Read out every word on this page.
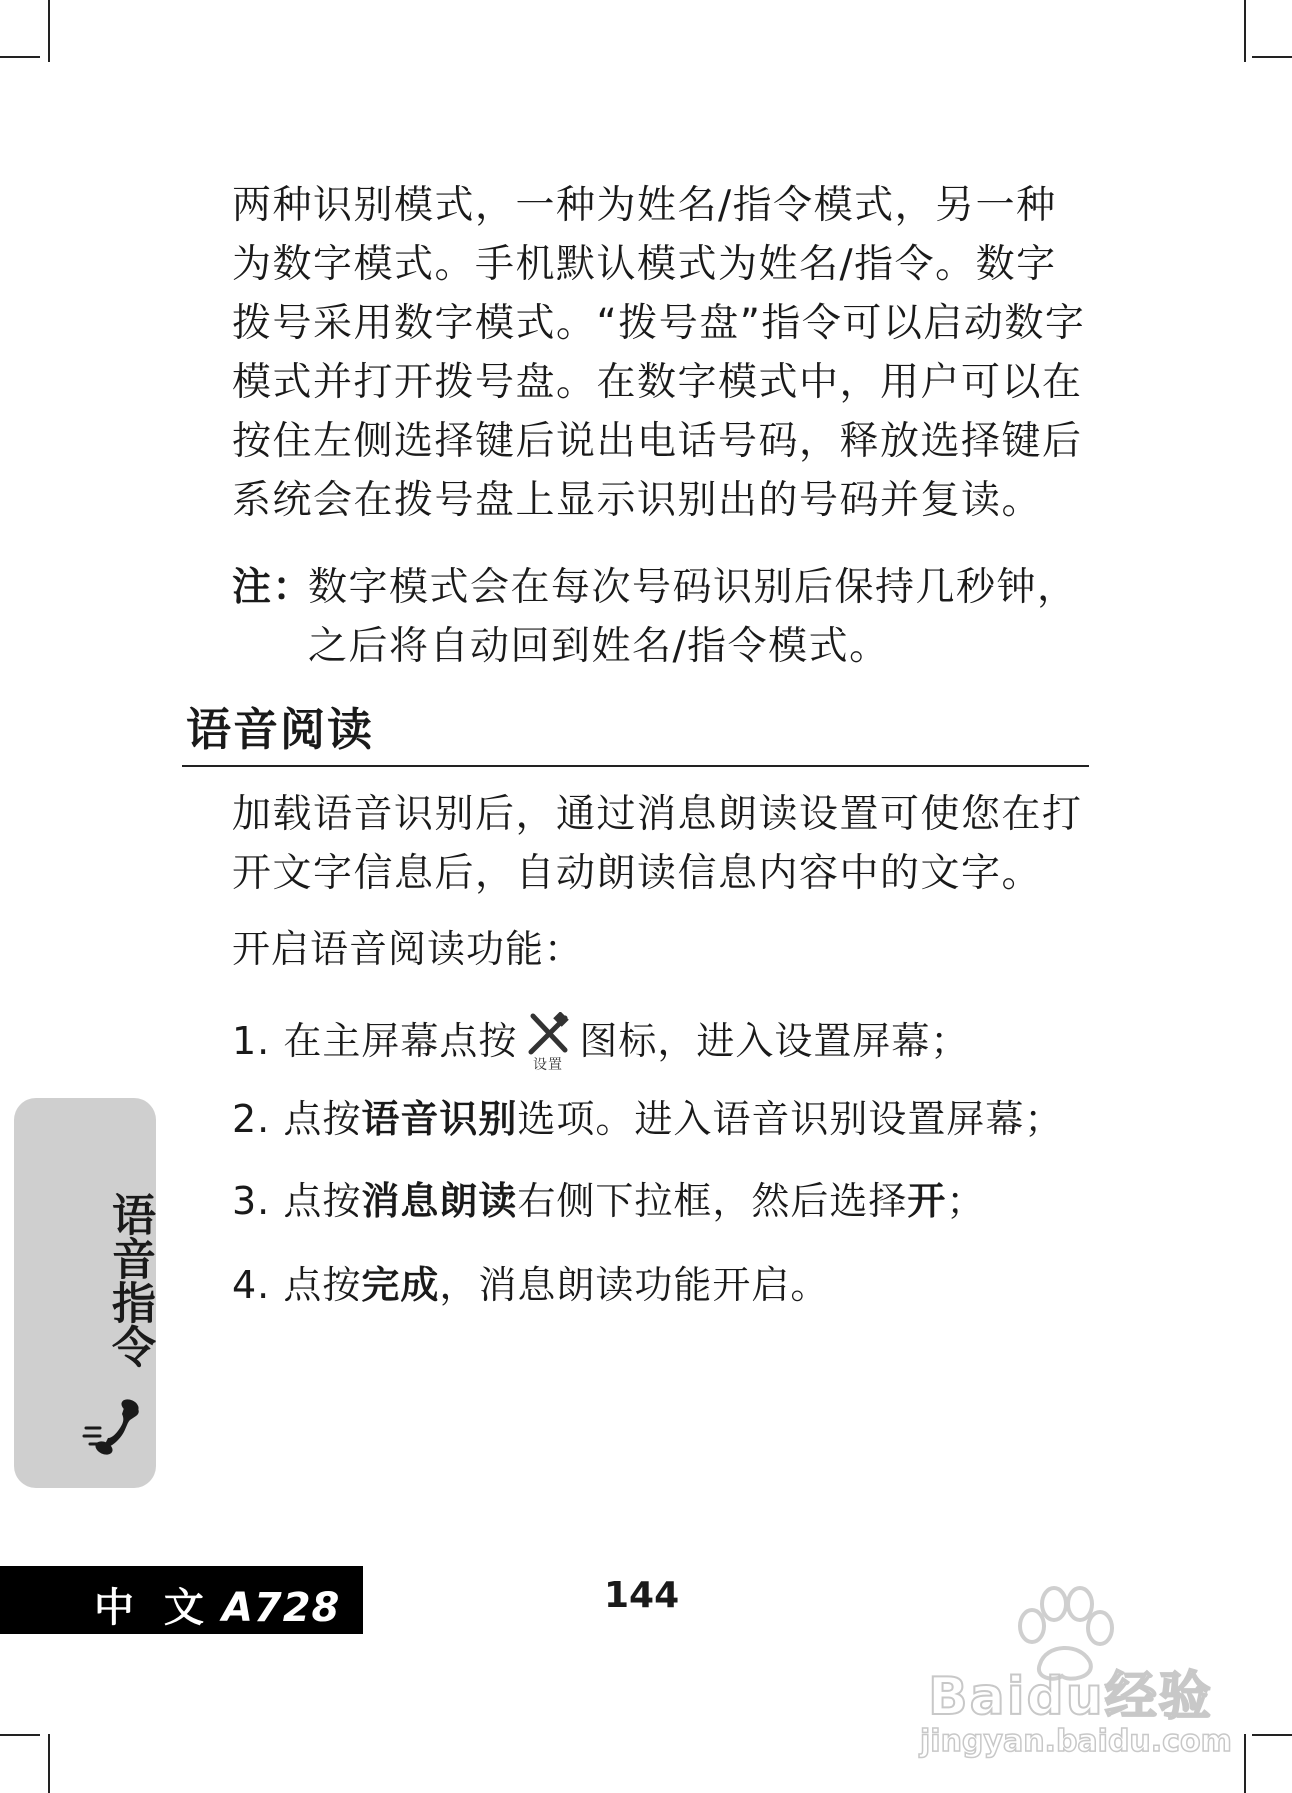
两种识别模式，一种为姓名/指令模式，另一种为数字模式。手机默认模式为姓名/指令。数字拨号采用数字模式。“拨号盘”指令可以启动数字模式并打开拨号盘。在数字模式中，用户可以在按住左侧选择键后说出电话号码，释放选择键后系统会在拨号盘上显示识别出的号码并复读。

注：

数字模式会在每次号码识别后保持几秒钟，之后将自动回到姓名/指令模式。

语音阅读

加载语音识别后，通过消息朗读设置可使您在打开文字信息后，自动朗读信息内容中的文字。

开启语音阅读功能：
1. 在主屏幕点按
设置
图标，进入设置屏幕；
2. 点按语音识别选项。进入语音识别设置屏幕；
3. 点按消息朗读右侧下拉框，然后选择开；
4. 点按完成，消息朗读功能开启。
语音指令
中 文 A728	144
Baidu经验
jingyan.baidu.com
